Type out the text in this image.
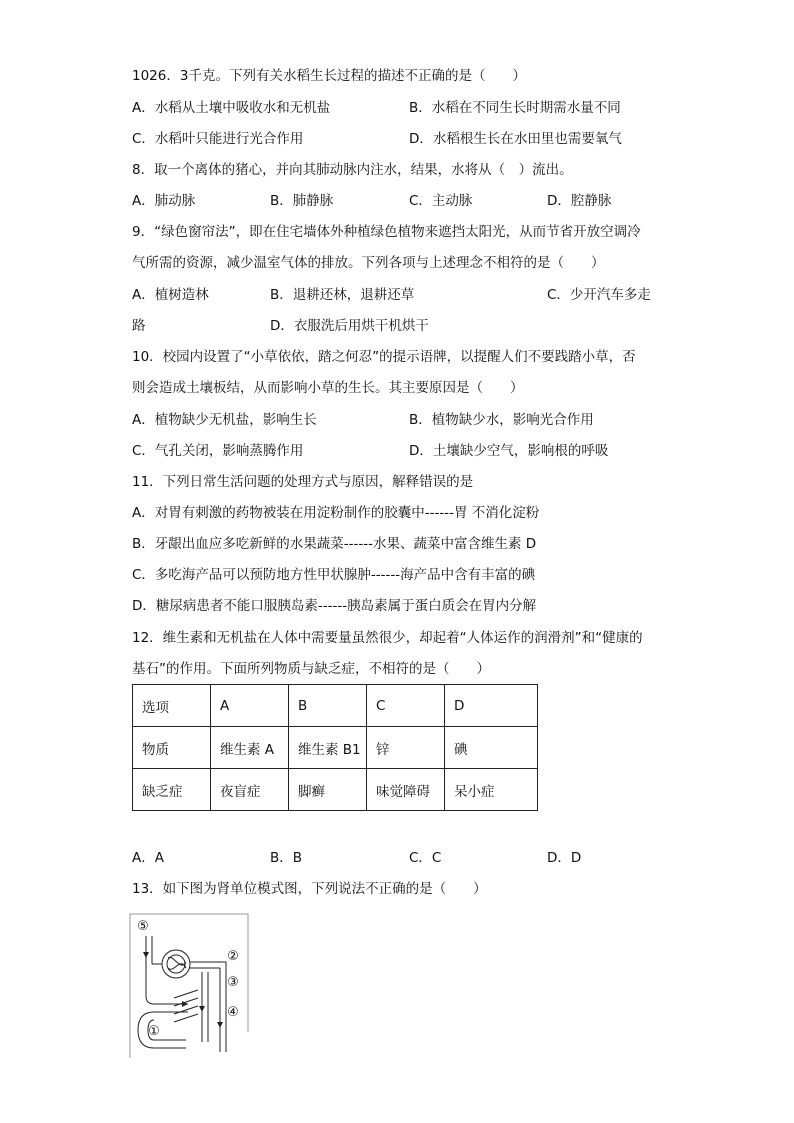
1026．3千克。下列有关水稻生长过程的描述不正确的是（　　）
A．水稻从土壤中吸收水和无机盐	B．水稻在不同生长时期需水量不同
C．水稻叶只能进行光合作用	D．水稻根生长在水田里也需要氧气
8．取一个离体的猪心，并向其肺动脉内注水，结果，水将从（　）流出。
A．肺动脉	B．肺静脉	C．主动脉	D．腔静脉
9．“绿色窗帘法”，即在住宅墙体外种植绿色植物来遮挡太阳光，从而节省开放空调冷
气所需的资源，减少温室气体的排放。下列各项与上述理念不相符的是（　　）
A．植树造林	B．退耕还林，退耕还草	C．少开汽车多走
路	D．衣服洗后用烘干机烘干
10．校园内设置了“小草依依，踏之何忍”的提示语牌，以提醒人们不要践踏小草，否
则会造成土壤板结，从而影响小草的生长。其主要原因是（　　）
A．植物缺少无机盐，影响生长	B．植物缺少水，影响光合作用
C．气孔关闭，影响蒸腾作用	D．土壤缺少空气，影响根的呼吸
11．下列日常生活问题的处理方式与原因，解释错误的是
A．对胃有刺激的药物被装在用淀粉制作的胶囊中------胃 不消化淀粉
B．牙龈出血应多吃新鲜的水果蔬菜------水果、蔬菜中富含维生素 D
C．多吃海产品可以预防地方性甲状腺肿------海产品中含有丰富的碘
D．糖尿病患者不能口服胰岛素------胰岛素属于蛋白质会在胃内分解
12．维生素和无机盐在人体中需要量虽然很少，却起着“人体运作的润滑剂”和“健康的
基石”的作用。下面所列物质与缺乏症，不相符的是（　　）
选项	A	B	C	D
物质	维生素 A	维生素 B1	锌	碘
缺乏症	夜盲症	脚癣	味觉障碍	呆小症
A．A	B．B	C．C	D．D
13．如下图为肾单位模式图，下列说法不正确的是（　　）
⑤
②
③
④
①
